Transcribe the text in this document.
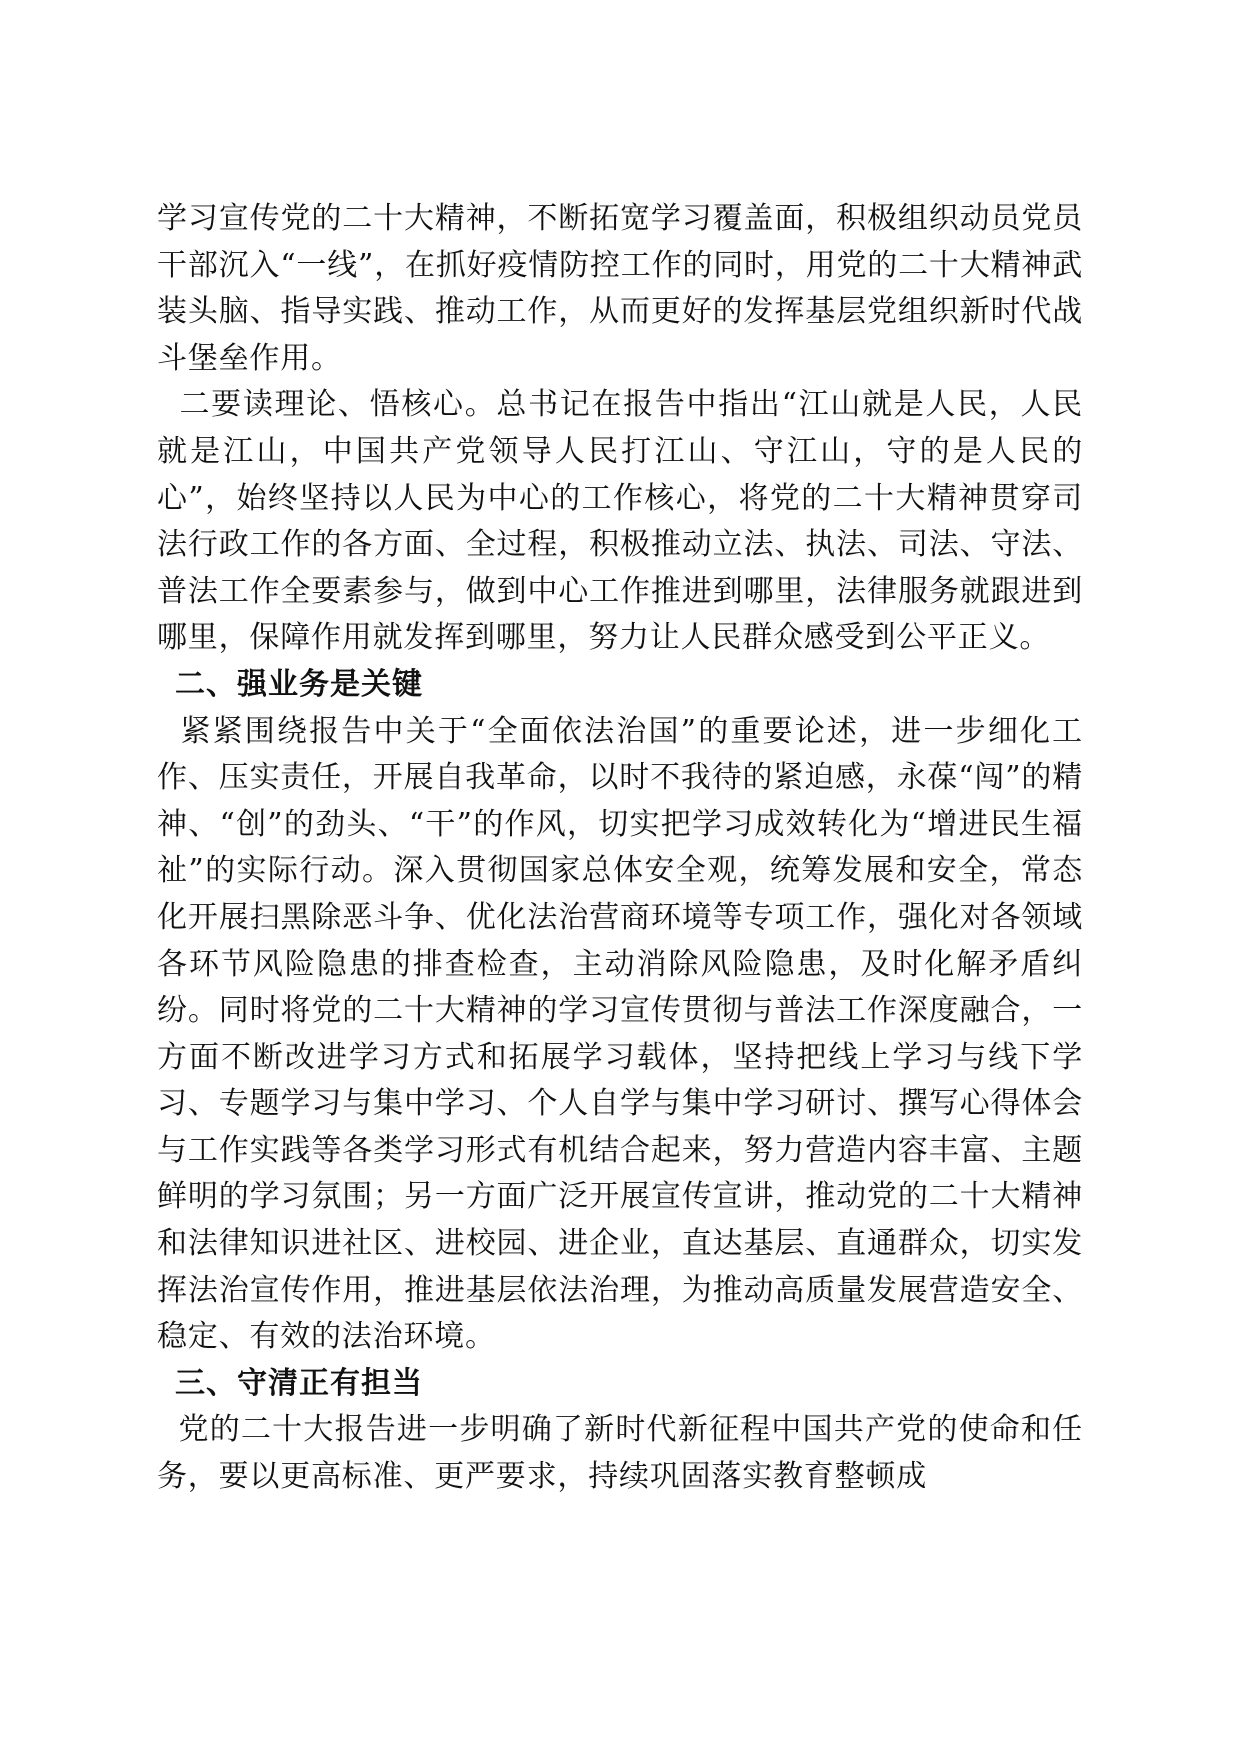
学习宣传党的二十大精神，不断拓宽学习覆盖面，积极组织动员党员干部沉入“一线”，在抓好疫情防控工作的同时，用党的二十大精神武装头脑、指导实践、推动工作，从而更好的发挥基层党组织新时代战斗堡垒作用。

二要读理论、悟核心。总书记在报告中指出“江山就是人民，人民就是江山，中国共产党领导人民打江山、守江山，守的是人民的心”，始终坚持以人民为中心的工作核心，将党的二十大精神贯穿司法行政工作的各方面、全过程，积极推动立法、执法、司法、守法、普法工作全要素参与，做到中心工作推进到哪里，法律服务就跟进到哪里，保障作用就发挥到哪里，努力让人民群众感受到公平正义。

二、强业务是关键

紧紧围绕报告中关于“全面依法治国”的重要论述，进一步细化工作、压实责任，开展自我革命，以时不我待的紧迫感，永葆“闯”的精神、“创”的劲头、“干”的作风，切实把学习成效转化为“增进民生福祉”的实际行动。深入贯彻国家总体安全观，统筹发展和安全，常态化开展扫黑除恶斗争、优化法治营商环境等专项工作，强化对各领域各环节风险隐患的排查检查，主动消除风险隐患，及时化解矛盾纠纷。同时将党的二十大精神的学习宣传贯彻与普法工作深度融合，一方面不断改进学习方式和拓展学习载体，坚持把线上学习与线下学习、专题学习与集中学习、个人自学与集中学习研讨、撰写心得体会与工作实践等各类学习形式有机结合起来，努力营造内容丰富、主题鲜明的学习氛围；另一方面广泛开展宣传宣讲，推动党的二十大精神和法律知识进社区、进校园、进企业，直达基层、直通群众，切实发挥法治宣传作用，推进基层依法治理，为推动高质量发展营造安全、稳定、有效的法治环境。

三、守清正有担当

党的二十大报告进一步明确了新时代新征程中国共产党的使命和任务，要以更高标准、更严要求，持续巩固落实教育整顿成
